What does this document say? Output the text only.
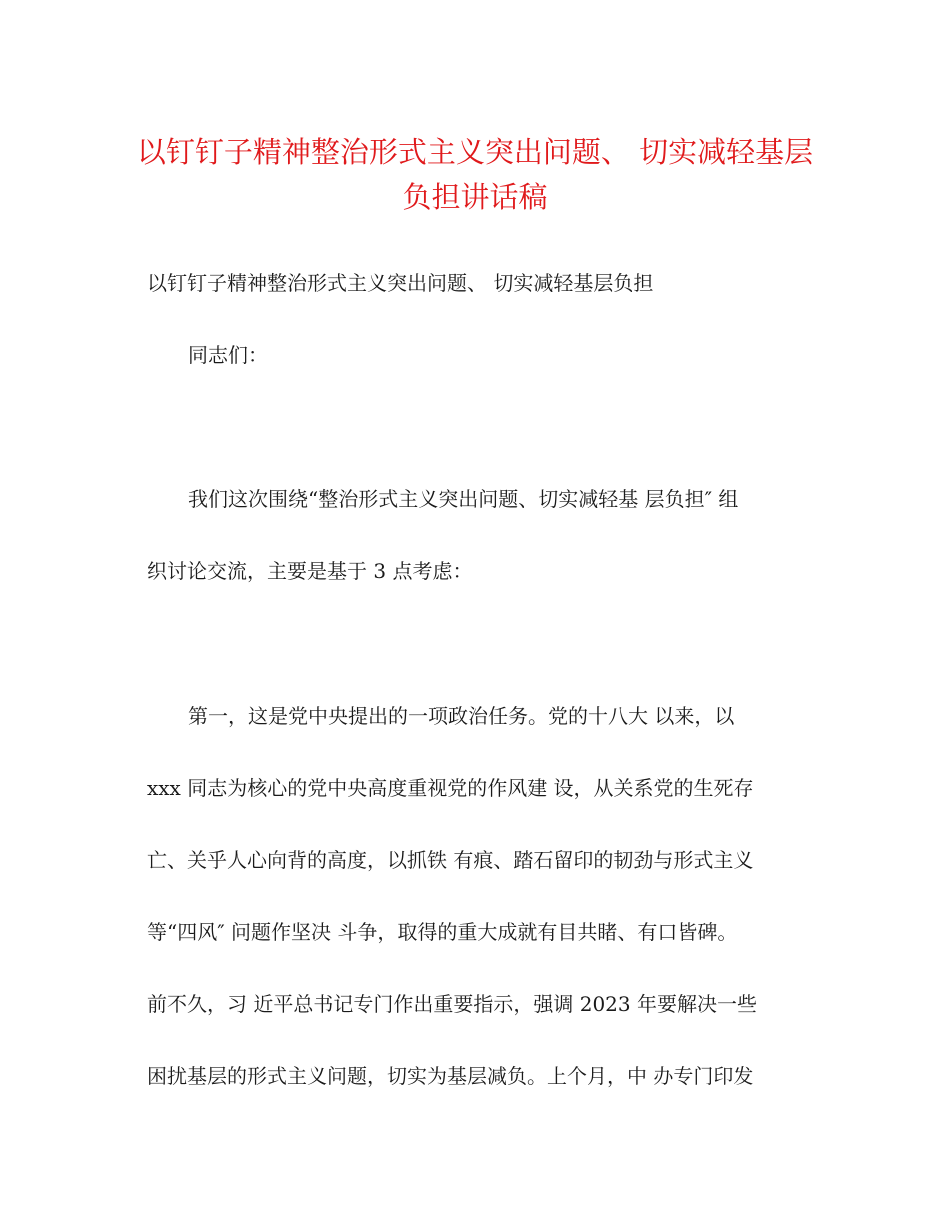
以钉钉子精神整治形式主义突出问题、 切实减轻基层
负担讲话稿
以钉钉子精神整治形式主义突出问题、 切实减轻基层负担
同志们：
我们这次围绕“整治形式主义突出问题、切实减轻基 层负担″ 组
织讨论交流，主要是基于 3 点考虑：
第一，这是党中央提出的一项政治任务。党的十八大 以来，以
xxx 同志为核心的党中央高度重视党的作风建 设，从关系党的生死存
亡、关乎人心向背的高度，以抓铁 有痕、踏石留印的韧劲与形式主义
等“四风″ 问题作坚决 斗争，取得的重大成就有目共睹、有口皆碑。
前不久，习 近平总书记专门作出重要指示，强调 2023 年要解决一些
困扰基层的形式主义问题，切实为基层减负。上个月，中 办专门印发
